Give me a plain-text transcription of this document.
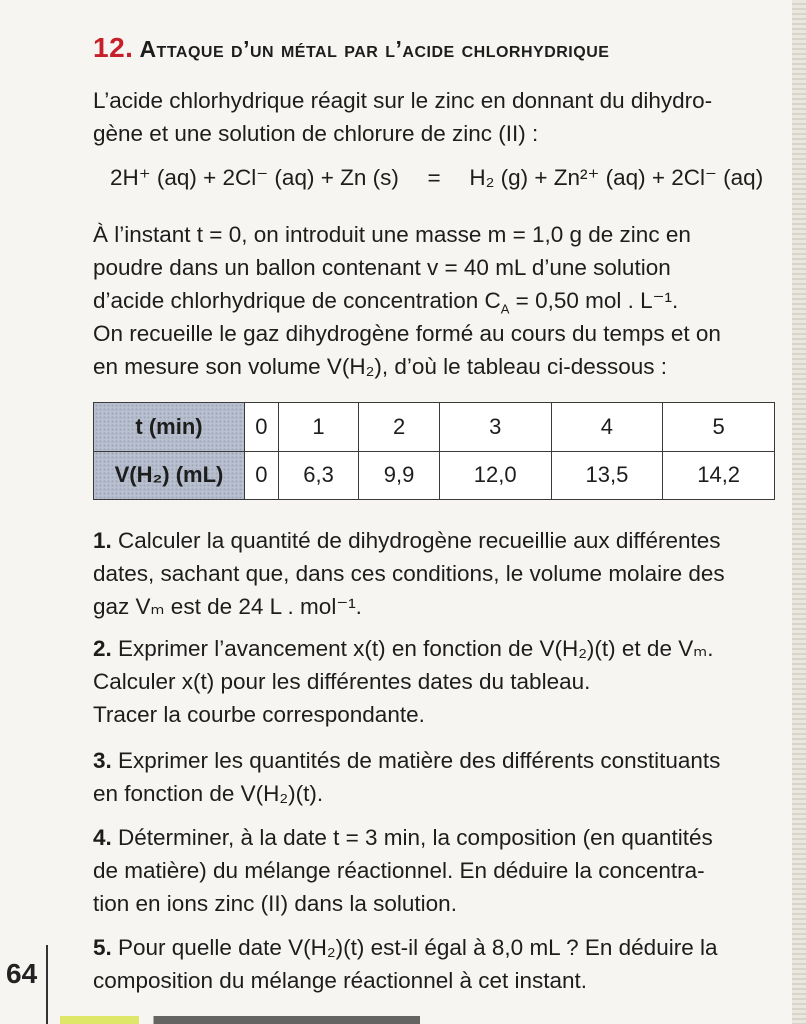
12. Attaque d’un métal par l’acide chlorhydrique
L’acide chlorhydrique réagit sur le zinc en donnant du dihydro-
gène et une solution de chlorure de zinc (II) :
2H⁺ (aq) + 2Cl⁻ (aq) + Zn (s) = H₂ (g) + Zn²⁺ (aq) + 2Cl⁻ (aq)
À l’instant t = 0, on introduit une masse m = 1,0 g de zinc en
poudre dans un ballon contenant v = 40 mL d’une solution
d’acide chlorhydrique de concentration $C_A = 0,50$ mol . L⁻¹.
On recueille le gaz dihydrogène formé au cours du temps et on
en mesure son volume V(H₂), d’où le tableau ci-dessous :
t (min)	0	1	2	3	4	5
V(H₂) (mL)	0	6,3	9,9	12,0	13,5	14,2
1. Calculer la quantité de dihydrogène recueillie aux différentes
dates, sachant que, dans ces conditions, le volume molaire des
gaz Vₘ est de 24 L . mol⁻¹.
2. Exprimer l’avancement x(t) en fonction de V(H₂)(t) et de Vₘ.
Calculer x(t) pour les différentes dates du tableau.
Tracer la courbe correspondante.
3. Exprimer les quantités de matière des différents constituants
en fonction de V(H₂)(t).
4. Déterminer, à la date t = 3 min, la composition (en quantités
de matière) du mélange réactionnel. En déduire la concentra-
tion en ions zinc (II) dans la solution.
5. Pour quelle date V(H₂)(t) est-il égal à 8,0 mL ? En déduire la
composition du mélange réactionnel à cet instant.
64
